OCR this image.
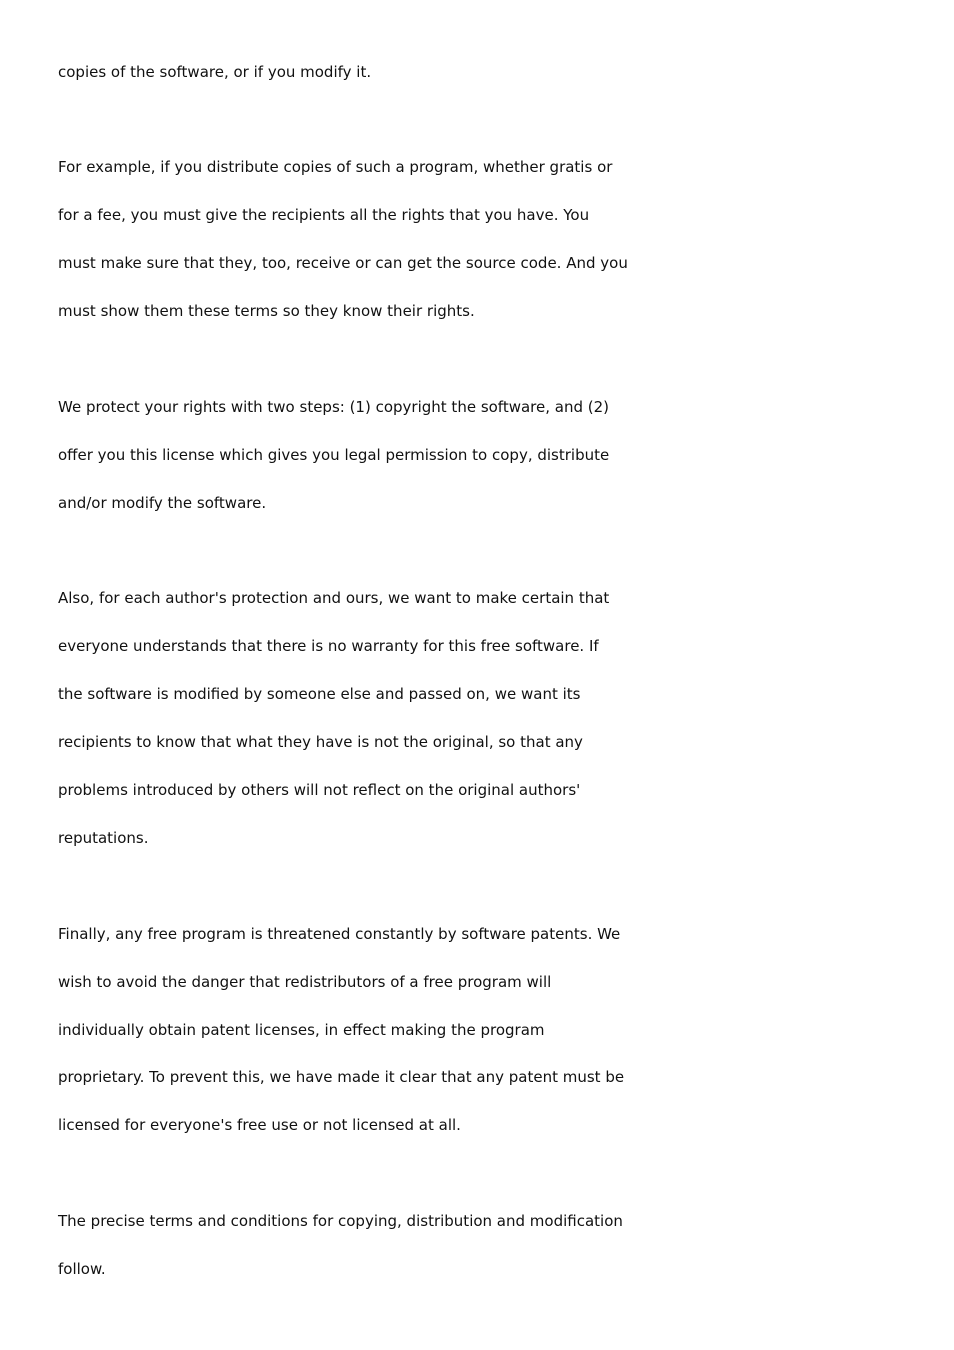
copies of the software, or if you modify it.
For example, if you distribute copies of such a program, whether gratis or
for a fee, you must give the recipients all the rights that you have. You
must make sure that they, too, receive or can get the source code. And you
must show them these terms so they know their rights.
We protect your rights with two steps: (1) copyright the software, and (2)
offer you this license which gives you legal permission to copy, distribute
and/or modify the software.
Also, for each author's protection and ours, we want to make certain that
everyone understands that there is no warranty for this free software. If
the software is modified by someone else and passed on, we want its
recipients to know that what they have is not the original, so that any
problems introduced by others will not reflect on the original authors'
reputations.
Finally, any free program is threatened constantly by software patents. We
wish to avoid the danger that redistributors of a free program will
individually obtain patent licenses, in effect making the program
proprietary. To prevent this, we have made it clear that any patent must be
licensed for everyone's free use or not licensed at all.
The precise terms and conditions for copying, distribution and modification
follow.
